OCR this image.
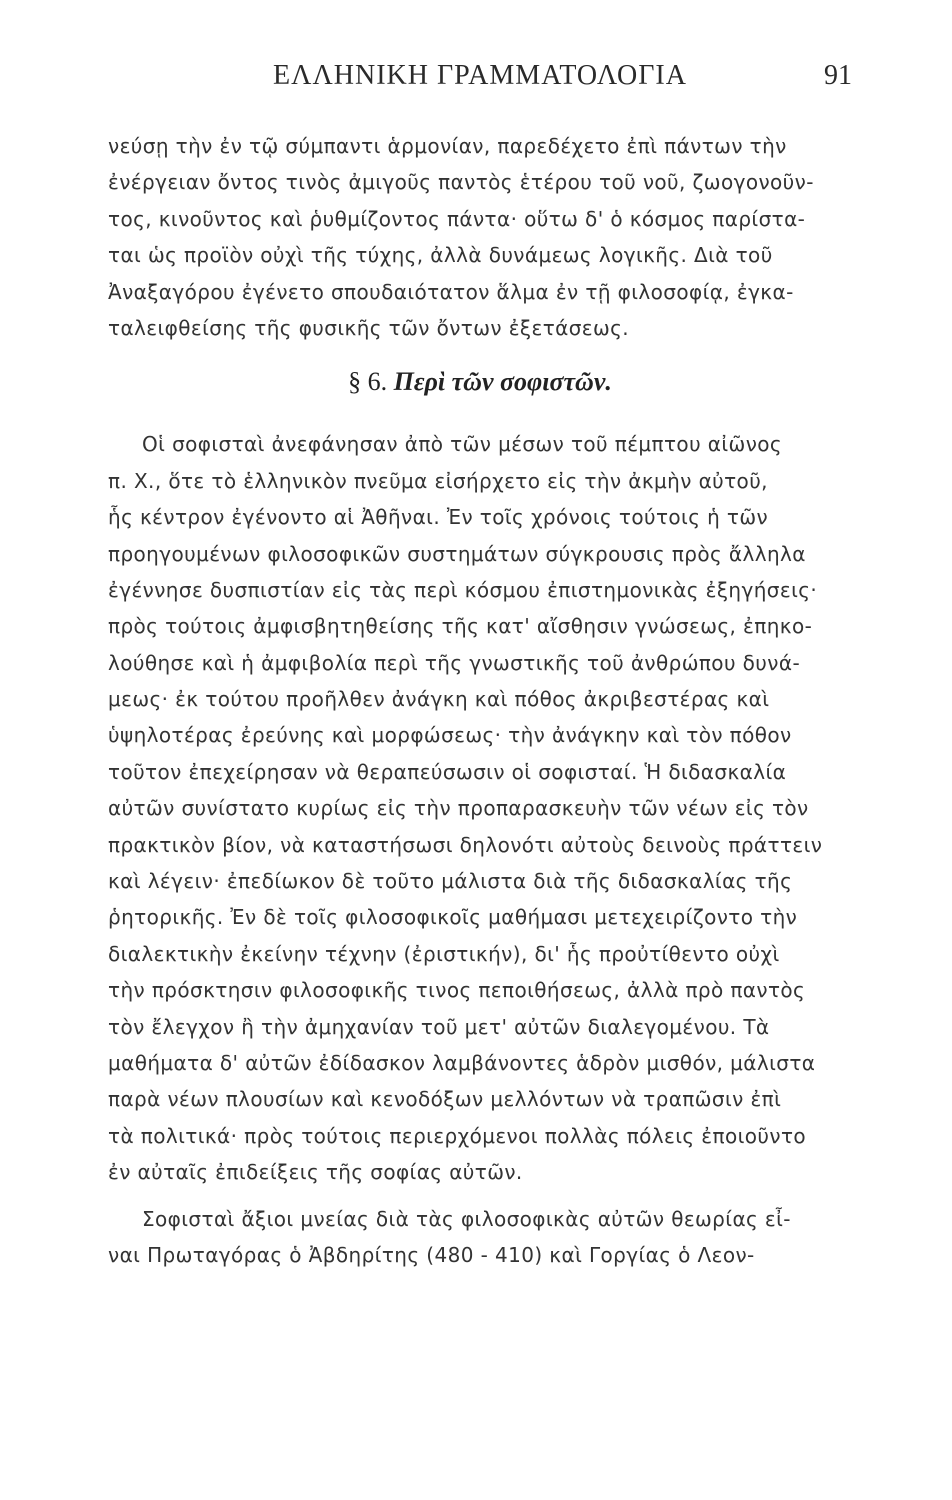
ΕΛΛΗΝΙΚΗ ΓΡΑΜΜΑΤΟΛΟΓΙΑ	91
νεύσῃ τὴν ἐν τῷ σύμπαντι ἁρμονίαν, παρεδέχετο ἐπὶ πάντων τὴν
ἐνέργειαν ὄντος τινὸς ἀμιγοῦς παντὸς ἑτέρου τοῦ νοῦ, ζωογονοῦν-
τος, κινοῦντος καὶ ῥυθμίζοντος πάντα· οὕτω δ' ὁ κόσμος παρίστα-
ται ὡς προϊὸν οὐχὶ τῆς τύχης, ἀλλὰ δυνάμεως λογικῆς. Διὰ τοῦ
Ἀναξαγόρου ἐγένετο σπουδαιότατον ἅλμα ἐν τῇ φιλοσοφίᾳ, ἐγκα-
ταλειφθείσης τῆς φυσικῆς τῶν ὄντων ἐξετάσεως.
§ 6. Περὶ τῶν σοφιστῶν.
Οἱ σοφισταὶ ἀνεφάνησαν ἀπὸ τῶν μέσων τοῦ πέμπτου αἰῶνος
π. Χ., ὅτε τὸ ἑλληνικὸν πνεῦμα εἰσήρχετο εἰς τὴν ἀκμὴν αὐτοῦ,
ἧς κέντρον ἐγένοντο αἱ Ἀθῆναι. Ἐν τοῖς χρόνοις τούτοις ἡ τῶν
προηγουμένων φιλοσοφικῶν συστημάτων σύγκρουσις πρὸς ἄλληλα
ἐγέννησε δυσπιστίαν εἰς τὰς περὶ κόσμου ἐπιστημονικὰς ἐξηγήσεις·
πρὸς τούτοις ἀμφισβητηθείσης τῆς κατ' αἴσθησιν γνώσεως, ἐπηκο-
λούθησε καὶ ἡ ἀμφιβολία περὶ τῆς γνωστικῆς τοῦ ἀνθρώπου δυνά-
μεως· ἐκ τούτου προῆλθεν ἀνάγκη καὶ πόθος ἀκριβεστέρας καὶ
ὑψηλοτέρας ἐρεύνης καὶ μορφώσεως· τὴν ἀνάγκην καὶ τὸν πόθον
τοῦτον ἐπεχείρησαν νὰ θεραπεύσωσιν οἱ σοφισταί. Ἡ διδασκαλία
αὐτῶν συνίστατο κυρίως εἰς τὴν προπαρασκευὴν τῶν νέων εἰς τὸν
πρακτικὸν βίον, νὰ καταστήσωσι δηλονότι αὐτοὺς δεινοὺς πράττειν
καὶ λέγειν· ἐπεδίωκον δὲ τοῦτο μάλιστα διὰ τῆς διδασκαλίας τῆς
ῥητορικῆς. Ἐν δὲ τοῖς φιλοσοφικοῖς μαθήμασι μετεχειρίζοντο τὴν
διαλεκτικὴν ἐκείνην τέχνην (ἐριστικήν), δι' ἧς προὐτίθεντο οὐχὶ
τὴν πρόσκτησιν φιλοσοφικῆς τινος πεποιθήσεως, ἀλλὰ πρὸ παντὸς
τὸν ἔλεγχον ἢ τὴν ἀμηχανίαν τοῦ μετ' αὐτῶν διαλεγομένου. Τὰ
μαθήματα δ' αὐτῶν ἐδίδασκον λαμβάνοντες ἁδρὸν μισθόν, μάλιστα
παρὰ νέων πλουσίων καὶ κενοδόξων μελλόντων νὰ τραπῶσιν ἐπὶ
τὰ πολιτικά· πρὸς τούτοις περιερχόμενοι πολλὰς πόλεις ἐποιοῦντο
ἐν αὐταῖς ἐπιδείξεις τῆς σοφίας αὐτῶν.
Σοφισταὶ ἄξιοι μνείας διὰ τὰς φιλοσοφικὰς αὐτῶν θεωρίας εἶ-
ναι Πρωταγόρας ὁ Ἀβδηρίτης (480 - 410) καὶ Γοργίας ὁ Λεον-
